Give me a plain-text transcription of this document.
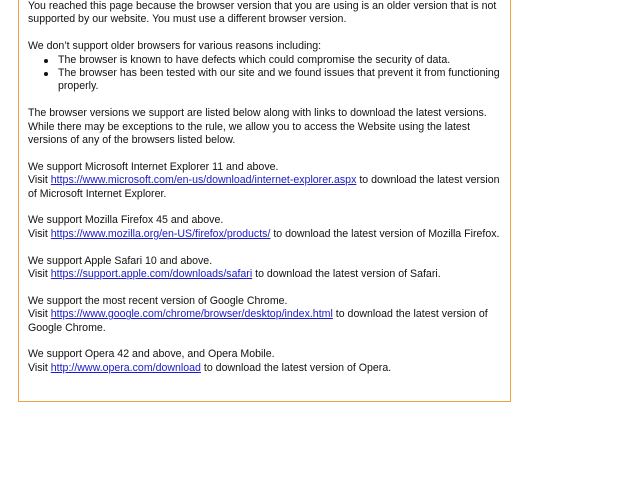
You reached this page because the browser version that you are using is an older version that is not supported by our website. You must use a different browser version.

We don’t support older browsers for various reasons including:

The browser is known to have defects which could compromise the security of data.
The browser has been tested with our site and we found issues that prevent it from functioning properly.

The browser versions we support are listed below along with links to download the latest versions. While there may be exceptions to the rule, we allow you to access the Website using the latest versions of any of the browsers listed below.

We support Microsoft Internet Explorer 11 and above.

Visit https://www.microsoft.com/en-us/download/internet-explorer.aspx to download the latest version of Microsoft Internet Explorer.

We support Mozilla Firefox 45 and above.

Visit https://www.mozilla.org/en-US/firefox/products/ to download the latest version of Mozilla Firefox.

We support Apple Safari 10 and above.

Visit https://support.apple.com/downloads/safari to download the latest version of Safari.

We support the most recent version of Google Chrome.

Visit https://www.google.com/chrome/browser/desktop/index.html to download the latest version of Google Chrome.

We support Opera 42 and above, and Opera Mobile.

Visit http://www.opera.com/download to download the latest version of Opera.
